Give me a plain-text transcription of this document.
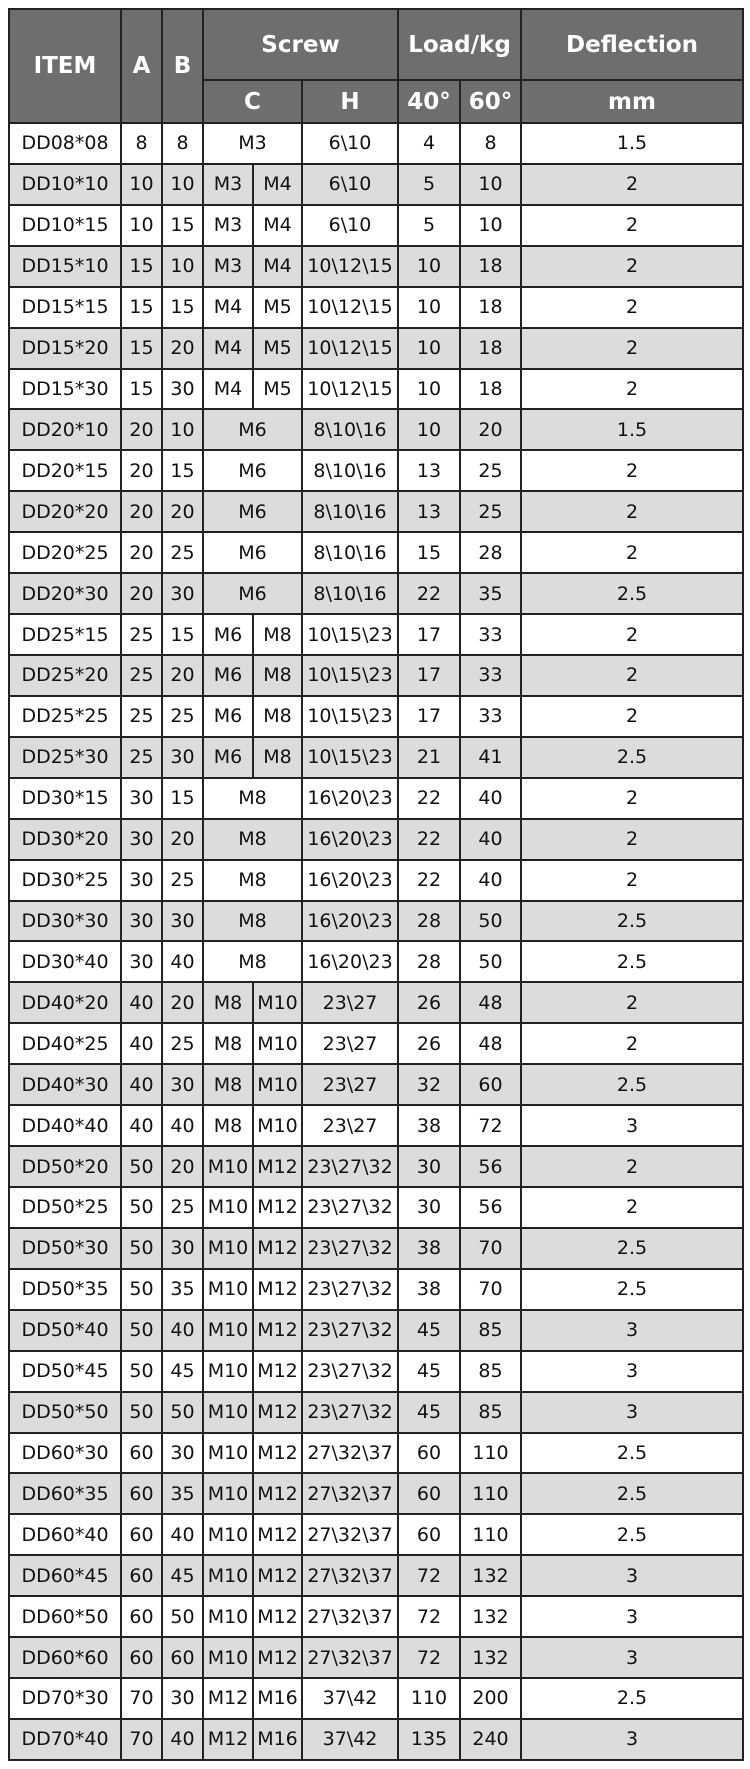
ITEM	A	B	Screw			Load/kg		Deflection
			C		H	40°	60°	mm
DD08*08	8	8	M3		6\10	4	8	1.5
DD10*10	10	10	M3	M4	6\10	5	10	2
DD10*15	10	15	M3	M4	6\10	5	10	2
DD15*10	15	10	M3	M4	10\12\15	10	18	2
DD15*15	15	15	M4	M5	10\12\15	10	18	2
DD15*20	15	20	M4	M5	10\12\15	10	18	2
DD15*30	15	30	M4	M5	10\12\15	10	18	2
DD20*10	20	10	M6		8\10\16	10	20	1.5
DD20*15	20	15	M6		8\10\16	13	25	2
DD20*20	20	20	M6		8\10\16	13	25	2
DD20*25	20	25	M6		8\10\16	15	28	2
DD20*30	20	30	M6		8\10\16	22	35	2.5
DD25*15	25	15	M6	M8	10\15\23	17	33	2
DD25*20	25	20	M6	M8	10\15\23	17	33	2
DD25*25	25	25	M6	M8	10\15\23	17	33	2
DD25*30	25	30	M6	M8	10\15\23	21	41	2.5
DD30*15	30	15	M8		16\20\23	22	40	2
DD30*20	30	20	M8		16\20\23	22	40	2
DD30*25	30	25	M8		16\20\23	22	40	2
DD30*30	30	30	M8		16\20\23	28	50	2.5
DD30*40	30	40	M8		16\20\23	28	50	2.5
DD40*20	40	20	M8	M10	23\27	26	48	2
DD40*25	40	25	M8	M10	23\27	26	48	2
DD40*30	40	30	M8	M10	23\27	32	60	2.5
DD40*40	40	40	M8	M10	23\27	38	72	3
DD50*20	50	20	M10	M12	23\27\32	30	56	2
DD50*25	50	25	M10	M12	23\27\32	30	56	2
DD50*30	50	30	M10	M12	23\27\32	38	70	2.5
DD50*35	50	35	M10	M12	23\27\32	38	70	2.5
DD50*40	50	40	M10	M12	23\27\32	45	85	3
DD50*45	50	45	M10	M12	23\27\32	45	85	3
DD50*50	50	50	M10	M12	23\27\32	45	85	3
DD60*30	60	30	M10	M12	27\32\37	60	110	2.5
DD60*35	60	35	M10	M12	27\32\37	60	110	2.5
DD60*40	60	40	M10	M12	27\32\37	60	110	2.5
DD60*45	60	45	M10	M12	27\32\37	72	132	3
DD60*50	60	50	M10	M12	27\32\37	72	132	3
DD60*60	60	60	M10	M12	27\32\37	72	132	3
DD70*30	70	30	M12	M16	37\42	110	200	2.5
DD70*40	70	40	M12	M16	37\42	135	240	3
